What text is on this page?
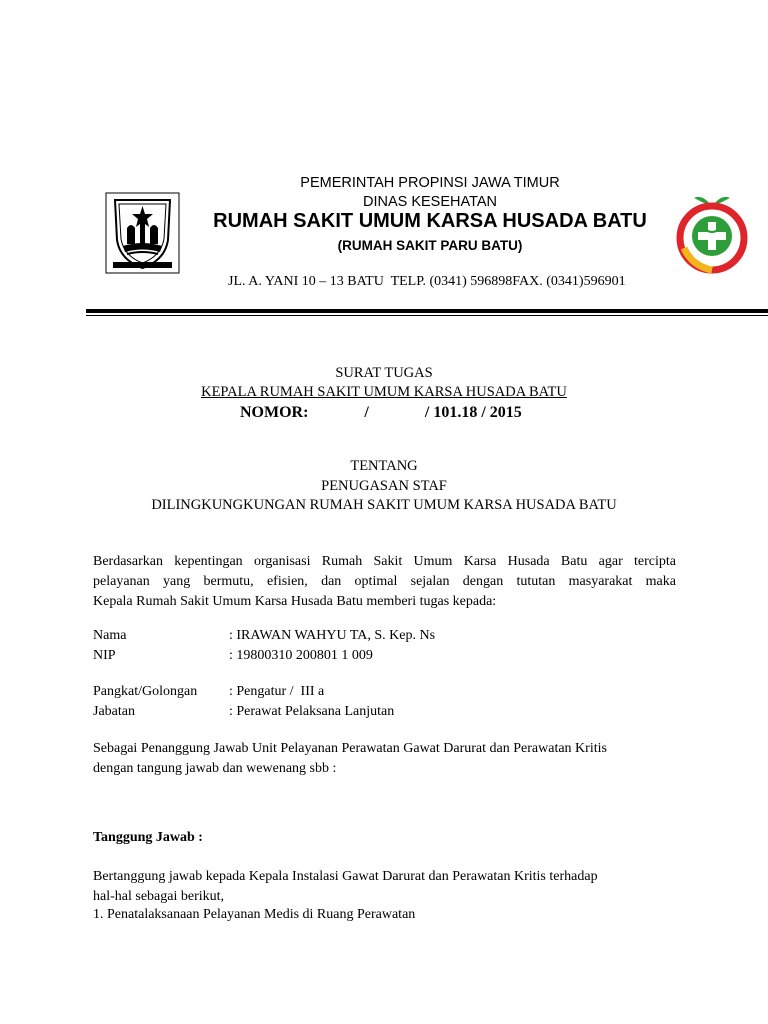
PEMERINTAH PROPINSI JAWA TIMUR
DINAS KESEHATAN
RUMAH SAKIT UMUM KARSA HUSADA BATU
(RUMAH SAKIT PARU BATU)
JL. A. YANI 10 – 13 BATU  TELP. (0341) 596898FAX. (0341)596901
SURAT TUGAS
KEPALA RUMAH SAKIT UMUM KARSA HUSADA BATU
NOMOR:              /              / 101.18 / 2015
TENTANG
PENUGASAN STAF
DILINGKUNGKUNGAN RUMAH SAKIT UMUM KARSA HUSADA BATU
Berdasarkan kepentingan organisasi Rumah Sakit Umum Karsa Husada Batu agar tercipta
pelayanan yang bermutu, efisien, dan optimal sejalan dengan tututan masyarakat maka
Kepala Rumah Sakit Umum Karsa Husada Batu memberi tugas kepada:
Nama	: IRAWAN WAHYU TA, S. Kep. Ns
NIP	: 19800310 200801 1 009
Pangkat/Golongan : Pengatur /  III a
Jabatan	: Perawat Pelaksana Lanjutan
Sebagai Penanggung Jawab Unit Pelayanan Perawatan Gawat Darurat dan Perawatan Kritis
dengan tangung jawab dan wewenang sbb :
Tanggung Jawab :
Bertanggung jawab kepada Kepala Instalasi Gawat Darurat dan Perawatan Kritis terhadap
hal-hal sebagai berikut,
1. Penatalaksanaan Pelayanan Medis di Ruang Perawatan
